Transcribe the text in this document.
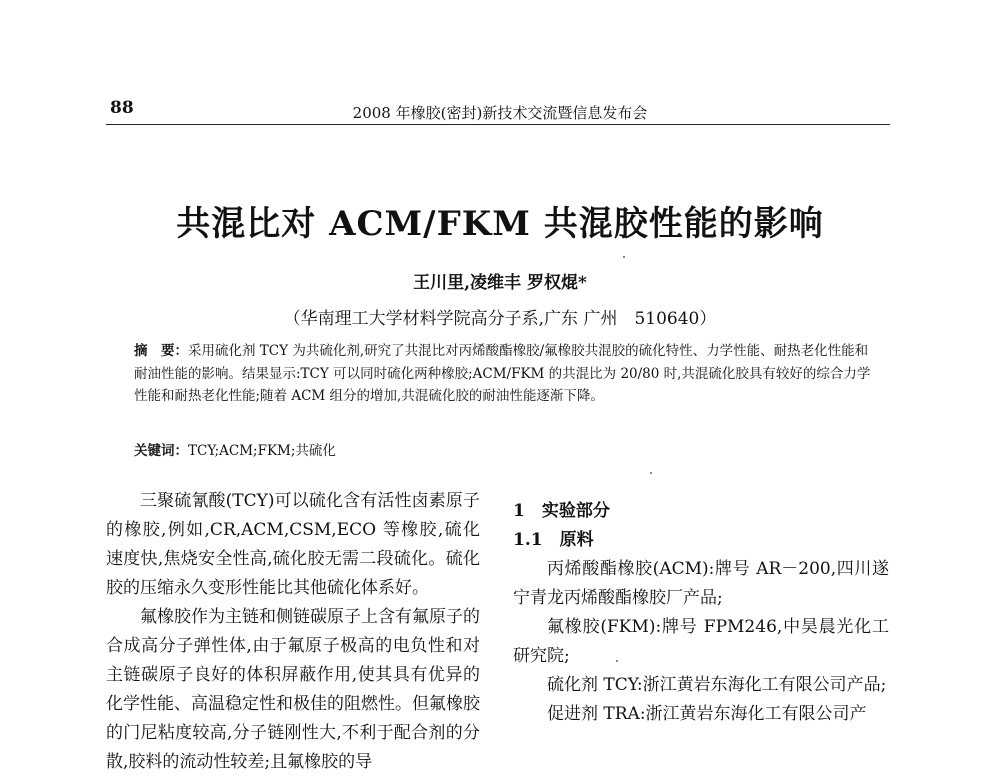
88	2008 年橡胶(密封)新技术交流暨信息发布会
共混比对 ACM/FKM 共混胶性能的影响
王川里,凌维丰 罗权焜*
（华南理工大学材料学院高分子系,广东 广州　510640）
摘　要：采用硫化剂 TCY 为共硫化剂,研究了共混比对丙烯酸酯橡胶/氟橡胶共混胶的硫化特性、力学性能、耐热老化性能和耐油性能的影响。结果显示:TCY 可以同时硫化两种橡胶;ACM/FKM 的共混比为 20/80 时,共混硫化胶具有较好的综合力学性能和耐热老化性能;随着 ACM 组分的增加,共混硫化胶的耐油性能逐渐下降。
关键词：TCY;ACM;FKM;共硫化

三聚硫氰酸(TCY)可以硫化含有活性卤素原子的橡胶,例如,CR,ACM,CSM,ECO 等橡胶,硫化速度快,焦烧安全性高,硫化胶无需二段硫化。硫化胶的压缩永久变形性能比其他硫化体系好。

氟橡胶作为主链和侧链碳原子上含有氟原子的合成高分子弹性体,由于氟原子极高的电负性和对主链碳原子良好的体积屏蔽作用,使其具有优异的化学性能、高温稳定性和极佳的阻燃性。但氟橡胶的门尼粘度较高,分子链刚性大,不利于配合剂的分散,胶料的流动性较差;且氟橡胶的导

1　实验部分

1.1　原料

丙烯酸酯橡胶(ACM):牌号 AR－200,四川遂宁青龙丙烯酸酯橡胶厂产品;

氟橡胶(FKM):牌号 FPM246,中昊晨光化工研究院;

硫化剂 TCY:浙江黄岩东海化工有限公司产品;

促进剂 TRA:浙江黄岩东海化工有限公司产
